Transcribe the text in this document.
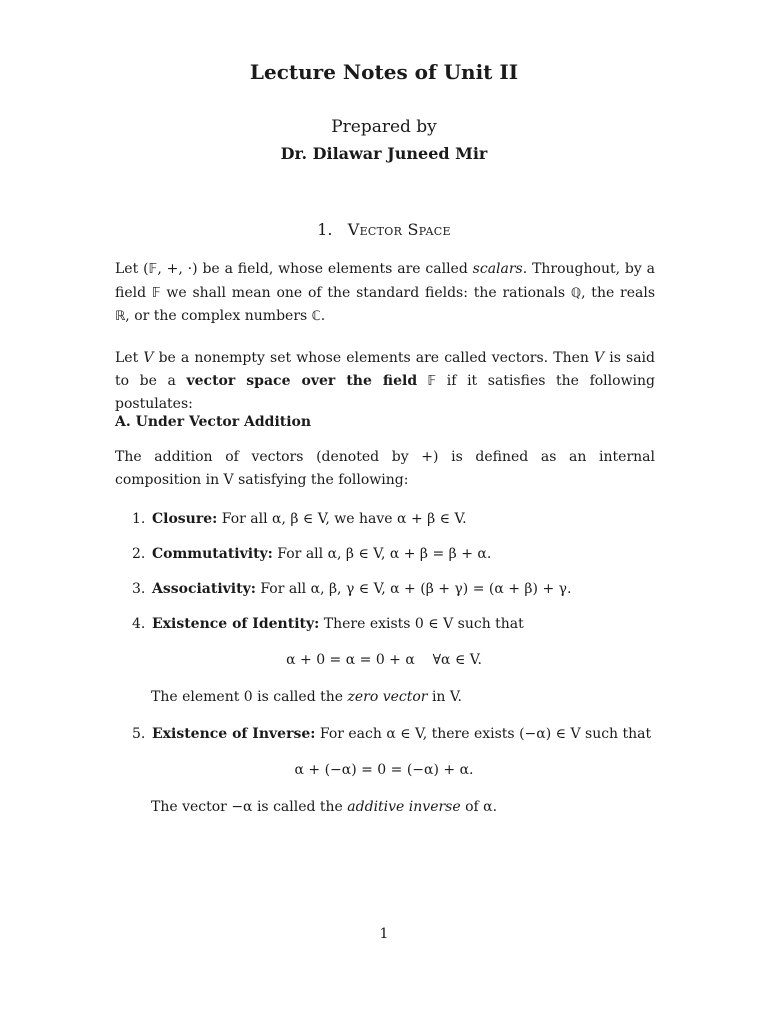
Lecture Notes of Unit II
Prepared by
Dr. Dilawar Juneed Mir
1. Vector Space
Let (𝔽, +, ·) be a field, whose elements are called scalars. Throughout, by a field 𝔽 we shall mean one of the standard fields: the rationals ℚ, the reals ℝ, or the complex numbers ℂ.
Let V be a nonempty set whose elements are called vectors. Then V is said to be a vector space over the field 𝔽 if it satisfies the following postulates:
A. Under Vector Addition
The addition of vectors (denoted by +) is defined as an internal composition in V satisfying the following:
1. Closure: For all α, β ∈ V, we have α + β ∈ V.
2. Commutativity: For all α, β ∈ V, α + β = β + α.
3. Associativity: For all α, β, γ ∈ V, α + (β + γ) = (α + β) + γ.
4. Existence of Identity: There exists 0 ∈ V such that
α + 0 = α = 0 + α    ∀α ∈ V.
The element 0 is called the zero vector in V.
5. Existence of Inverse: For each α ∈ V, there exists (−α) ∈ V such that
α + (−α) = 0 = (−α) + α.
The vector −α is called the additive inverse of α.
1
